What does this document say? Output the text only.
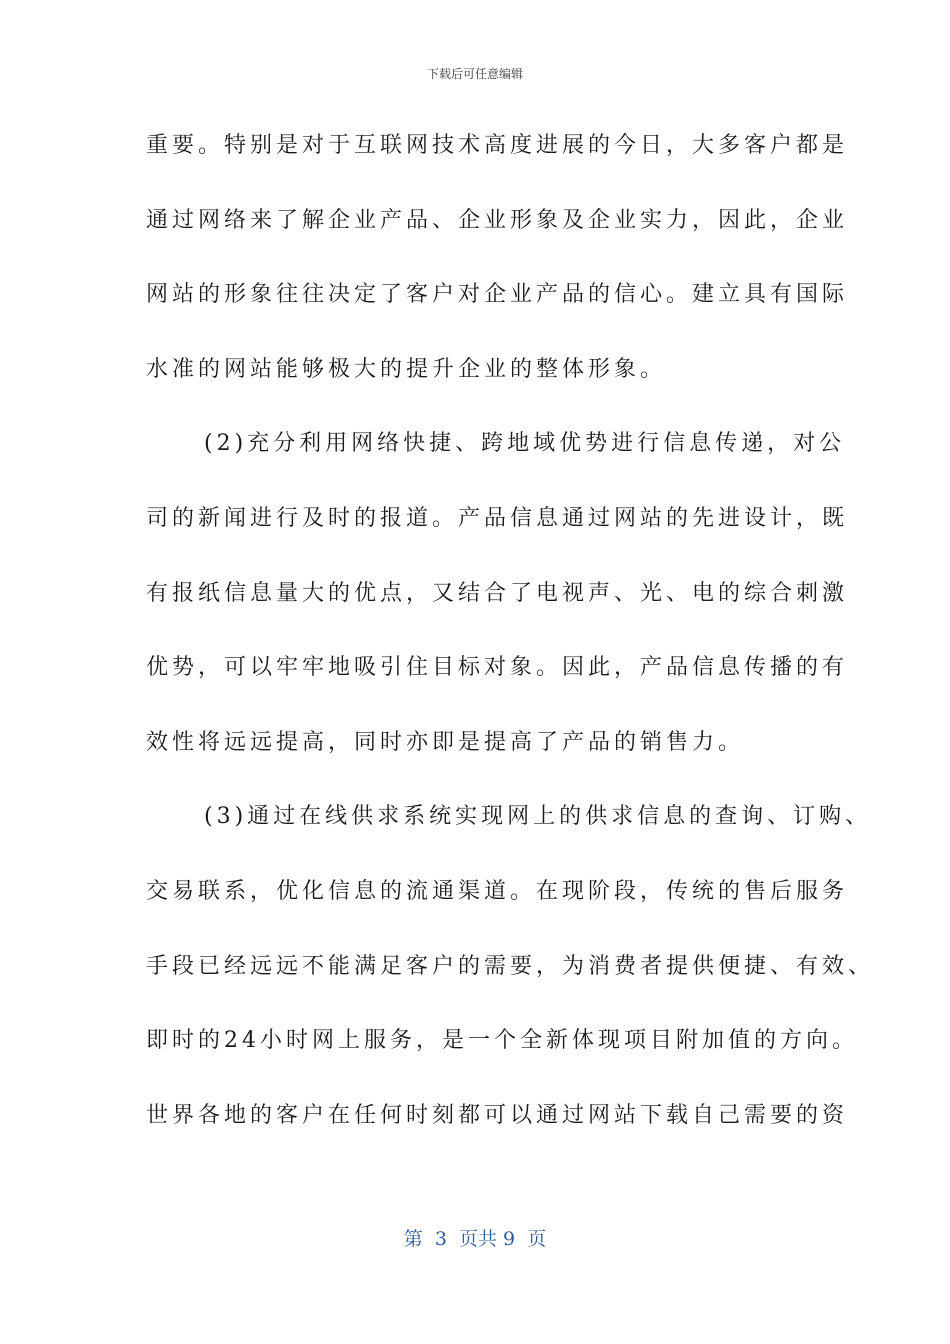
下载后可任意编辑
重要。特别是对于互联网技术高度进展的今日，大多客户都是
通过网络来了解企业产品、企业形象及企业实力，因此，企业
网站的形象往往决定了客户对企业产品的信心。建立具有国际
水准的网站能够极大的提升企业的整体形象。
(2)充分利用网络快捷、跨地域优势进行信息传递，对公
司的新闻进行及时的报道。产品信息通过网站的先进设计，既
有报纸信息量大的优点，又结合了电视声、光、电的综合刺激
优势，可以牢牢地吸引住目标对象。因此，产品信息传播的有
效性将远远提高，同时亦即是提高了产品的销售力。
(3)通过在线供求系统实现网上的供求信息的查询、订购、
交易联系，优化信息的流通渠道。在现阶段，传统的售后服务
手段已经远远不能满足客户的需要，为消费者提供便捷、有效、
即时的24小时网上服务，是一个全新体现项目附加值的方向。
世界各地的客户在任何时刻都可以通过网站下载自己需要的资
第  3  页共 9  页
